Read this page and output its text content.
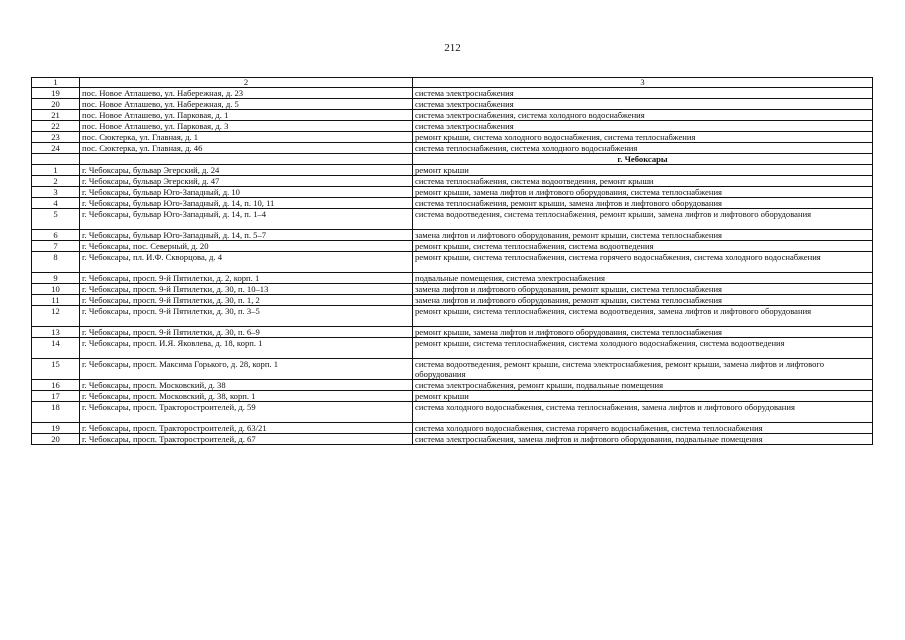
212
1	2	3
19	пос. Новое Атлашево, ул. Набережная, д. 23	система электроснабжения
20	пос. Новое Атлашево, ул. Набережная, д. 5	система электроснабжения
21	пос. Новое Атлашево, ул. Парковая, д. 1	система электроснабжения, система холодного водоснабжения
22	пос. Новое Атлашево, ул. Парковая, д. 3	система электроснабжения
23	пос. Сюктерка, ул. Главная, д. 1	ремонт крыши, система холодного водоснабжения, система теплоснабжения
24	пос. Сюктерка, ул. Главная, д. 46	система теплоснабжения, система холодного водоснабжения
		г. Чебоксары
1	г. Чебоксары, бульвар Эгерский, д. 24	ремонт крыши
2	г. Чебоксары, бульвар Эгерский, д. 47	система теплоснабжения, система водоотведения, ремонт крыши
3	г. Чебоксары, бульвар Юго-Западный, д. 10	ремонт крыши, замена лифтов и лифтового оборудования, система теплоснабжения
4	г. Чебоксары, бульвар Юго-Западный, д. 14, п. 10, 11	система теплоснабжения, ремонт крыши, замена лифтов и лифтового оборудования
5	г. Чебоксары, бульвар Юго-Западный, д. 14, п. 1–4	система водоотведения, система теплоснабжения, ремонт крыши, замена лифтов и лифтового оборудования
6	г. Чебоксары, бульвар Юго-Западный, д. 14, п. 5–7	замена лифтов и лифтового оборудования, ремонт крыши, система теплоснабжения
7	г. Чебоксары, пос. Северный, д. 20	ремонт крыши, система теплоснабжения, система водоотведения
8	г. Чебоксары, пл. И.Ф. Скворцова, д. 4	ремонт крыши, система теплоснабжения, система горячего водоснабжения, система холодного водоснабжения
9	г. Чебоксары, просп. 9-й Пятилетки, д. 2, корп. 1	подвальные помещения, система электроснабжения
10	г. Чебоксары, просп. 9-й Пятилетки, д. 30, п. 10–13	замена лифтов и лифтового оборудования, ремонт крыши, система теплоснабжения
11	г. Чебоксары, просп. 9-й Пятилетки, д. 30, п. 1, 2	замена лифтов и лифтового оборудования, ремонт крыши, система теплоснабжения
12	г. Чебоксары, просп. 9-й Пятилетки, д. 30, п. 3–5	ремонт крыши, система теплоснабжения, система водоотведения, замена лифтов и лифтового оборудования
13	г. Чебоксары, просп. 9-й Пятилетки, д. 30, п. 6–9	ремонт крыши, замена лифтов и лифтового оборудования, система теплоснабжения
14	г. Чебоксары, просп. И.Я. Яковлева, д. 18, корп. 1	ремонт крыши, система теплоснабжения, система холодного водоснабжения, система водоотведения
15	г. Чебоксары, просп. Максима Горького, д. 28, корп. 1	система водоотведения, ремонт крыши, система электроснабжения, ремонт крыши, замена лифтов и лифтового оборудования
16	г. Чебоксары, просп. Московский, д. 38	система электроснабжения, ремонт крыши, подвальные помещения
17	г. Чебоксары, просп. Московский, д. 38, корп. 1	ремонт крыши
18	г. Чебоксары, просп. Тракторостроителей, д. 59	система холодного водоснабжения, система теплоснабжения, замена лифтов и лифтового оборудования
19	г. Чебоксары, просп. Тракторостроителей, д. 63/21	система холодного водоснабжения, система горячего водоснабжения, система теплоснабжения
20	г. Чебоксары, просп. Тракторостроителей, д. 67	система электроснабжения, замена лифтов и лифтового оборудования, подвальные помещения
